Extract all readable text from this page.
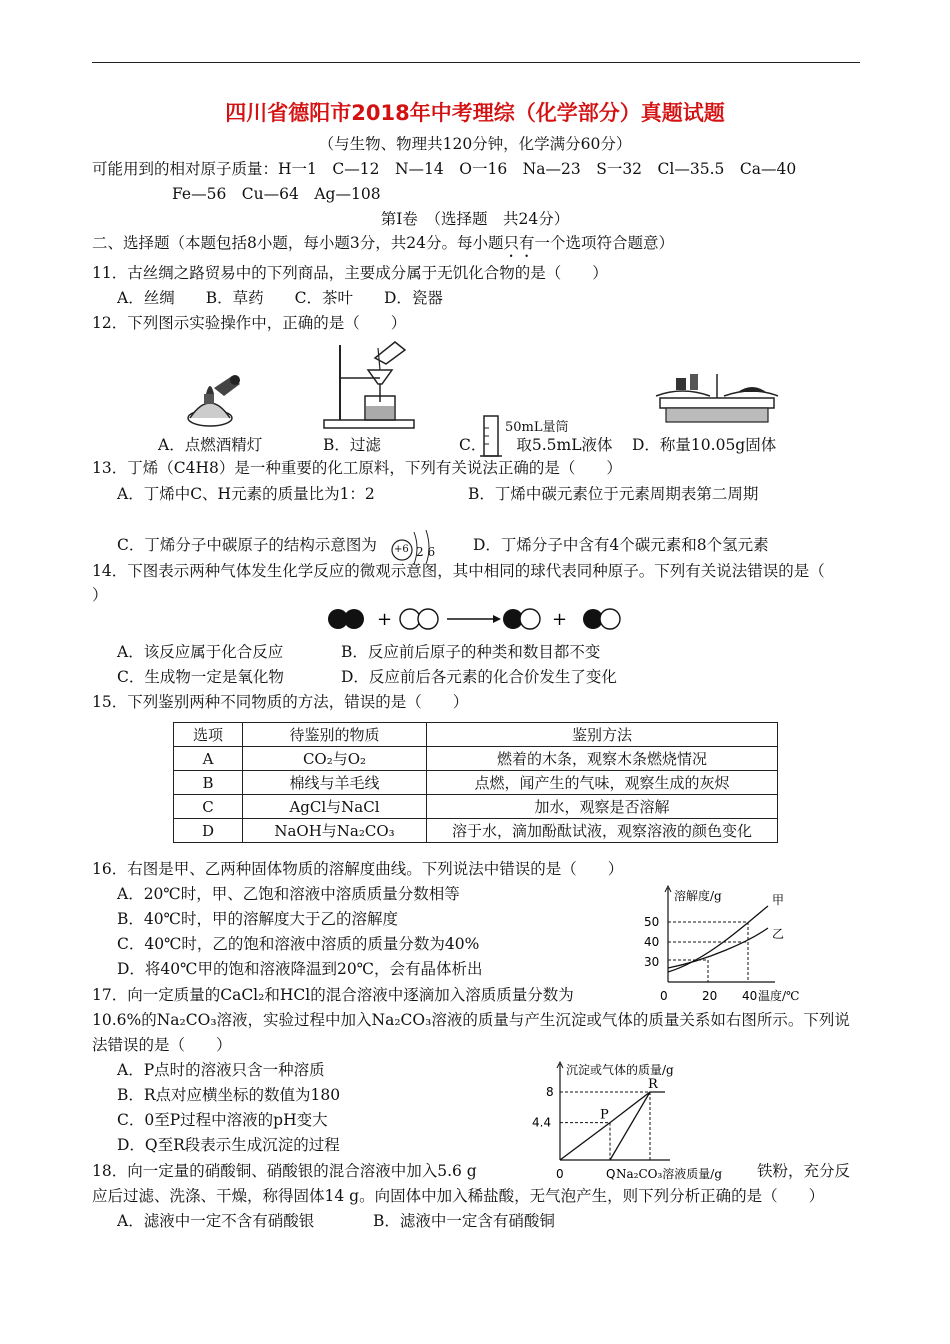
四川省德阳市2018年中考理综（化学部分）真题试题
（与生物、物理共120分钟，化学满分60分）
可能用到的相对原子质量：H一1　C—12　N—14　O一16　Na—23　S一32　Cl—35.5　Ca—40
Fe—56　Cu—64　Ag—108
第Ⅰ卷　（选择题　共24分）
二、选择题（本题包括8小题，每小题3分，共24分。每小题只有一个选项符合题意）
11．古丝绸之路贸易中的下列商品，主要成分属于无饥化合物的是（　　）
A．丝绸　　B．草药　　C．茶叶　　D．瓷器
12．下列图示实验操作中，正确的是（　　）
A．点燃酒精灯	B．过滤
50mL量筒
C． 取5.5mL液体 D．称量10.05g固体
13．丁烯（C4H8）是一种重要的化工原料，下列有关说法正确的是（　　）
A．丁烯中C、H元素的质量比为1：2	B．丁烯中碳元素位于元素周期表第二周期
C．丁烯分子中碳原子的结构示意图为 +6 2 6 D．丁烯分子中含有4个碳元素和8个氢元素
14．下图表示两种气体发生化学反应的微观示意图，其中相同的球代表同种原子。下列有关说法错误的是（
）
+	+
A．该反应属于化合反应	B．反应前后原子的种类和数目都不变
C．生成物一定是氧化物	D．反应前后各元素的化合价发生了变化
15．下列鉴别两种不同物质的方法，错误的是（　　）
选项	待鉴别的物质	鉴别方法
A	CO₂与O₂	燃着的木条，观察木条燃烧情况
B	棉线与羊毛线	点燃，闻产生的气味，观察生成的灰烬
C	AgCl与NaCl	加水，观察是否溶解
D	NaOH与Na₂CO₃	溶于水，滴加酚酞试液，观察溶液的颜色变化
16．右图是甲、乙两种固体物质的溶解度曲线。下列说法中错误的是（　　）
A．20℃时，甲、乙饱和溶液中溶质质量分数相等
B．40℃时，甲的溶解度大于乙的溶解度
C．40℃时，乙的饱和溶液中溶质的质量分数为40%
D．将40℃甲的饱和溶液降温到20℃，会有晶体析出
溶解度/g
温度/℃
0	20 40
30
40
50
甲
乙
17．向一定质量的CaCl₂和HCl的混合溶液中逐滴加入溶质质量分数为
10.6%的Na₂CO₃溶液，实验过程中加入Na₂CO₃溶液的质量与产生沉淀或气体的质量关系如右图所示。下列说
法错误的是（　　）
A．P点时的溶液只含一种溶质
B．R点对应横坐标的数值为180
C．0至P过程中溶液的pH变大
D．Q至R段表示生成沉淀的过程
沉淀或气体的质量/g
Na₂CO₃溶液质量/g
0	Q
4.4
8
P
R
18．向一定量的硝酸铜、硝酸银的混合溶液中加入5.6 g	铁粉，充分反
应后过滤、洗涤、干燥，称得固体14 g。向固体中加入稀盐酸，无气泡产生，则下列分析正确的是（　　）
A．滤液中一定不含有硝酸银	B．滤液中一定含有硝酸铜
